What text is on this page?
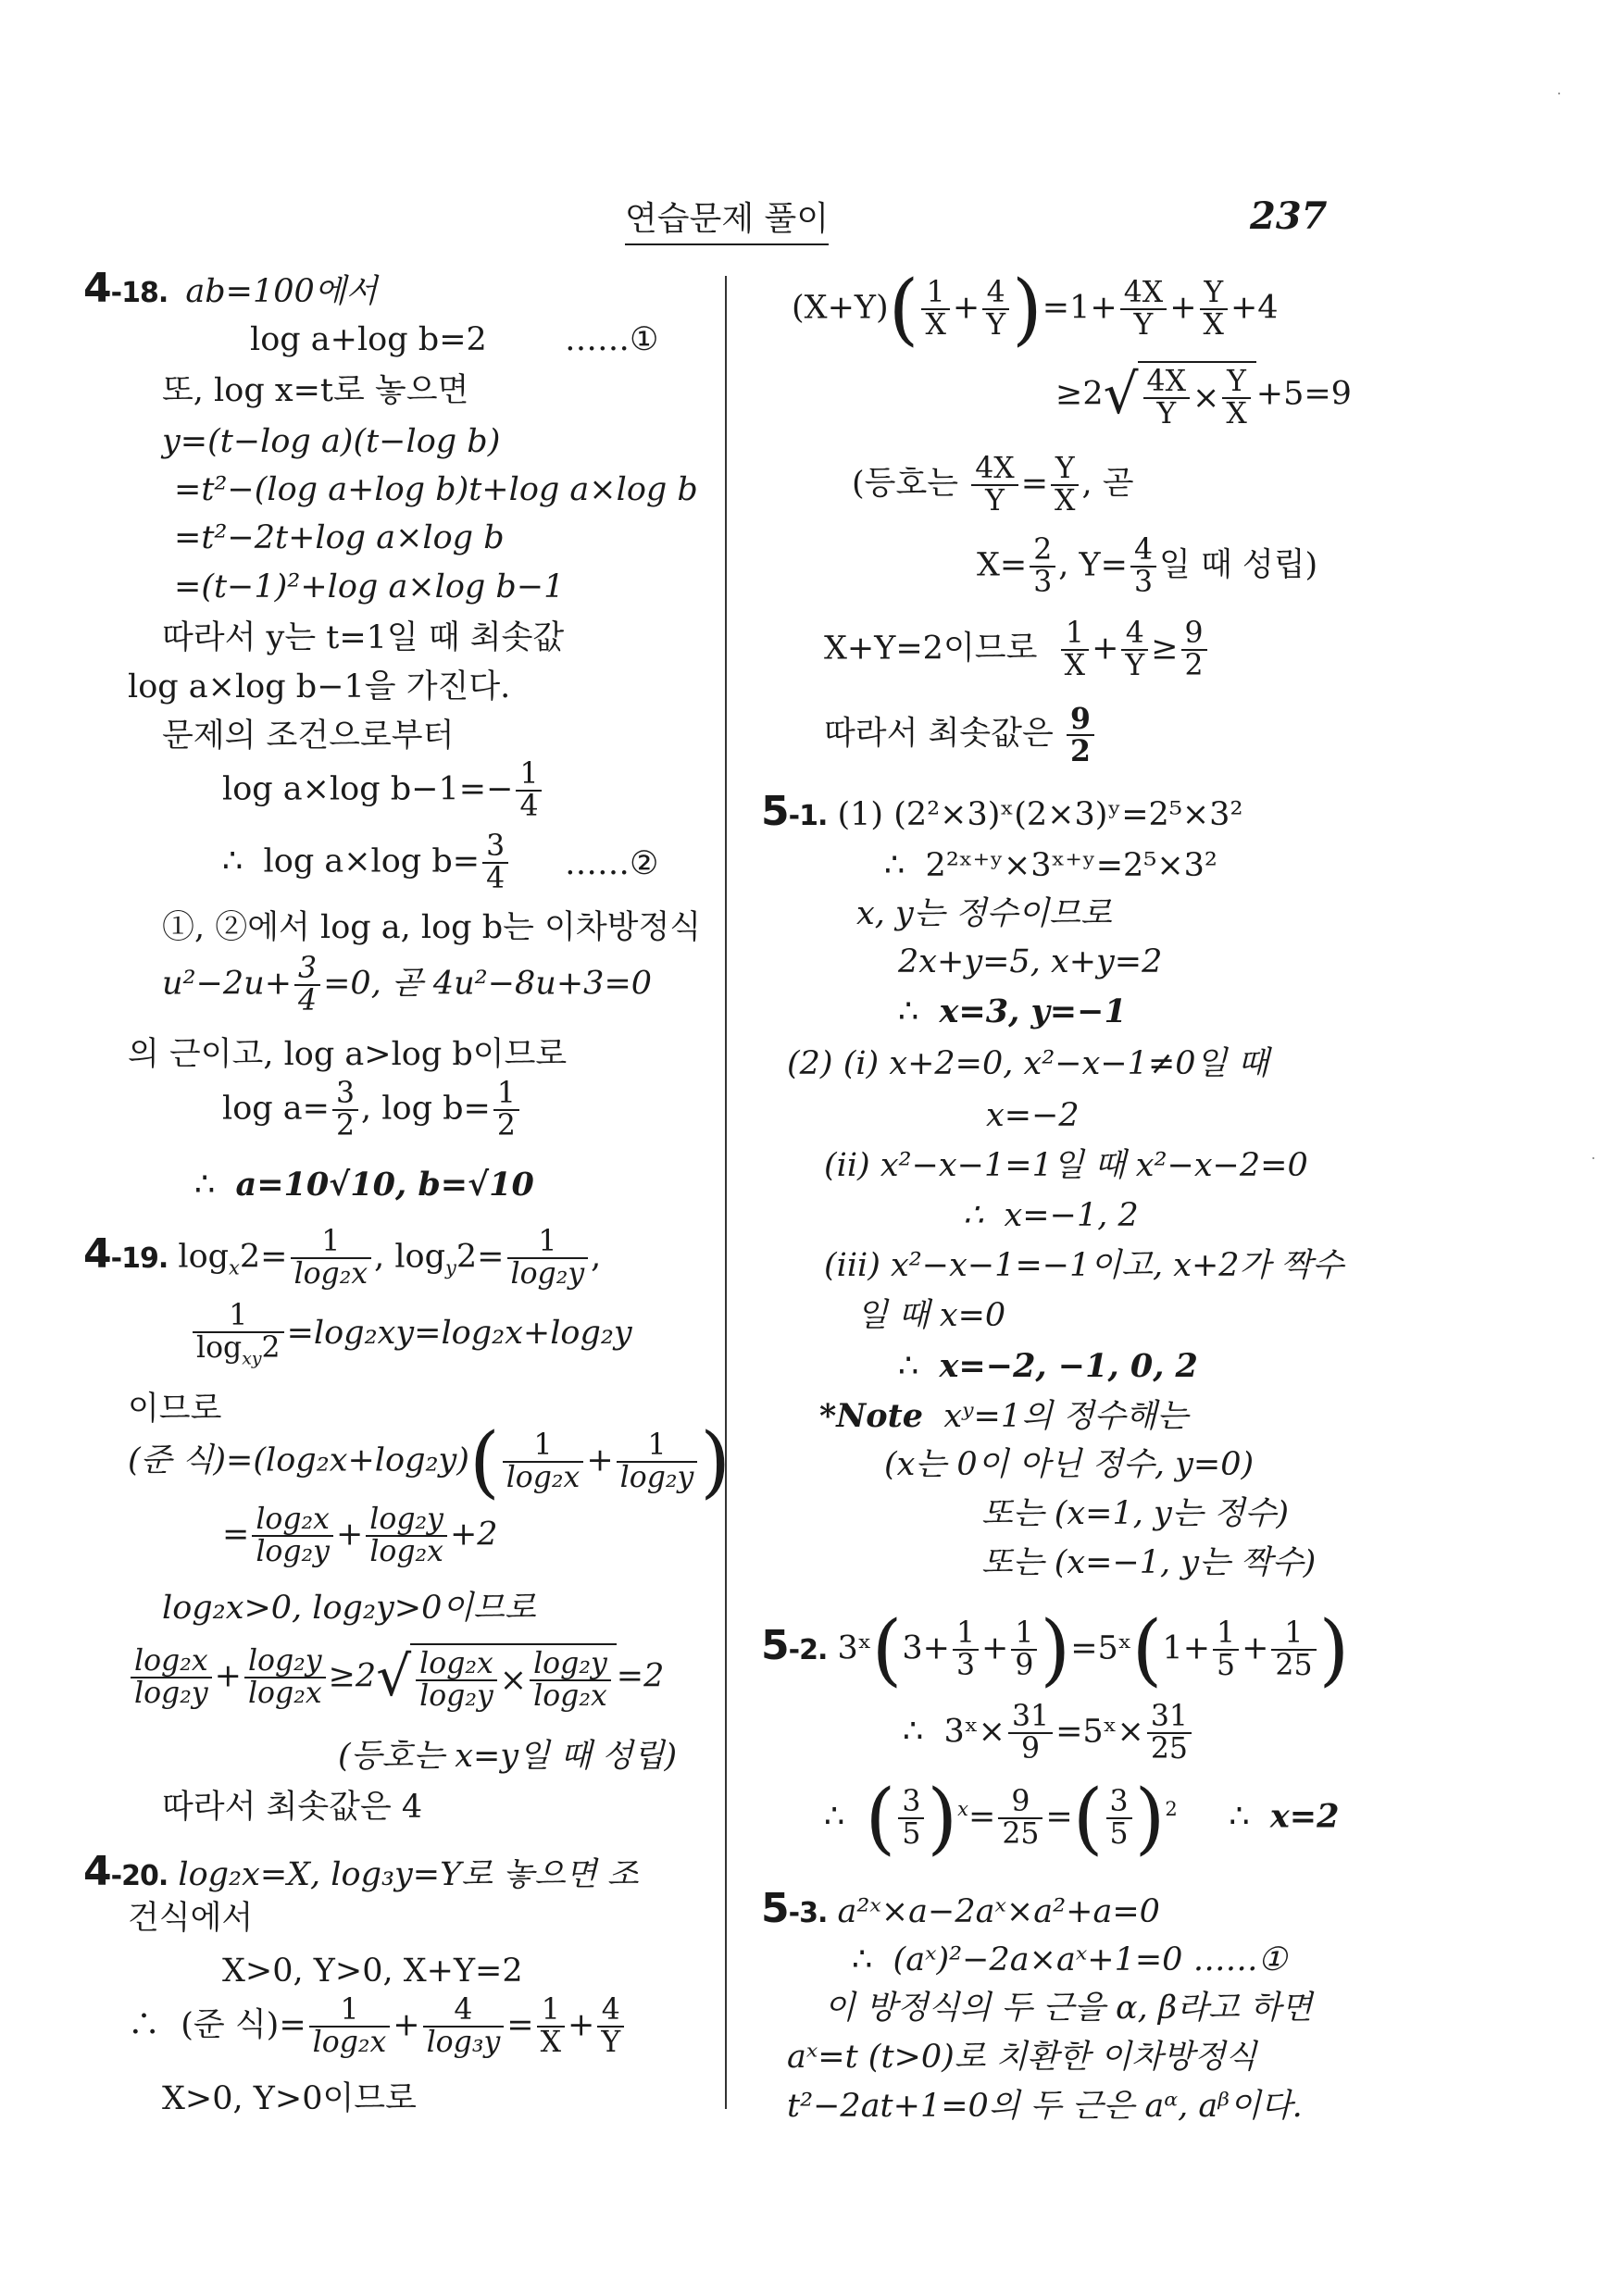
연습문제 풀이	237
4-18. ab=100에서
log a+log b=2 ……①
또, log x=t로 놓으면
y=(t−log a)(t−log b)
=t²−(log a+log b)t+log a×log b
=t²−2t+log a×log b
=(t−1)²+log a×log b−1
따라서 y는 t=1일 때 최솟값
log a×log b−1을 가진다.
문제의 조건으로부터
log a×log $b-1=- \frac{1}{4}$
∴ log a×log $b= \frac{3}{4}$ ……②
①, ②에서 log a, log b는 이차방정식
$u^2-2u+ \frac{3}{4} =0$, 곧 4u²−8u+3=0
의 근이고, log a>log b이므로
$\log a= \frac{3}{2}$ , $\log b= \frac{1}{2}$
∴ a=10√10, b=√10
4-19. $\log_x2= \frac{1}{\text{log₂x}}$ , $\log_y2= \frac{1}{\text{log₂y}}$ ,
$\frac{1}{\log_{xy}2} =\log_2xy=\log_2x+\log_2y$
이므로
(준 식)$=(\log_2x+\log_2y)( \frac{1}{\text{log₂x}} + \frac{1}{\text{log₂y}}$ )
= $\frac{\text{log₂x}}{\text{log₂y}} + \frac{\text{log₂y}}{\text{log₂x}} +2$
log₂x>0, log₂y>0이므로
$\frac{\text{log₂x}}{\text{log₂y}} + \frac{\text{log₂y}}{\text{log₂x}} \ge 2$ √ $\frac{\text{log₂x}}{\text{log₂y}} \times \frac{\text{log₂y}}{\text{log₂x}} =2$
(등호는 x=y일 때 성립)
따라서 최솟값은 4
4-20. log₂x=X, log₃y=Y로 놓으면 조
건식에서
X>0, Y>0, X+Y=2
∴ (준 식)= $\frac{1}{\text{log₂x}} + \frac{4}{\text{log₃y}} = \frac{1}{X} + \frac{4}{Y}$
X>0, Y>0이므로
$(X+Y)( \frac{1}{X} + \frac{4}{Y} )=1+ \frac{4X}{Y} + \frac{Y}{X} +4$
≥2 √ $\frac{4X}{Y} \times \frac{Y}{X} +5=9$
(등호는 $\frac{4X}{Y} = \frac{Y}{X}$ , 곧
$X= \frac{2}{3}$ , $Y= \frac{4}{3}$ 일 때 성립)
X+Y=2이므로 $\frac{1}{X} + \frac{4}{Y} \ge \frac{9}{2}$
따라서 최솟값은 $\frac{9}{2}$
5-1. (1) (2²×3)ˣ(2×3)ʸ=2⁵×3²
∴ 2²ˣ⁺ʸ×3ˣ⁺ʸ=2⁵×3²
x, y는 정수이므로
2x+y=5, x+y=2
∴ x=3, y=−1
(2) (i) x+2=0, x²−x−1≠0일 때
x=−2
(ii) x²−x−1=1일 때 x²−x−2=0
∴ x=−1, 2
(iii) x²−x−1=−1이고, x+2가 짝수
일 때 x=0
∴ x=−2, −1, 0, 2
*Note xʸ=1의 정수해는
(x는 0이 아닌 정수, y=0)
또는 (x=1, y는 정수)
또는 (x=−1, y는 짝수)
5-2. 3ˣ(3+ $\frac{1}{3} + \frac{1}{9}$ )=5ˣ(1+ $\frac{1}{5} + \frac{1}{25}$ )
∴ 3ˣ× $\frac{31}{9}$ =5ˣ× $\frac{31}{25}$
∴ ( $\frac{3}{5} )^x= \frac{9}{25}$ =( $\frac{3}{5} )^2$ ∴ x=2
5-3. a²ˣ×a−2aˣ×a²+a=0
∴ (aˣ)²−2a×aˣ+1=0 ……①
이 방정식의 두 근을 α, β라고 하면
aˣ=t (t>0)로 치환한 이차방정식
t²−2at+1=0의 두 근은 aᵅ, aᵝ이다.
